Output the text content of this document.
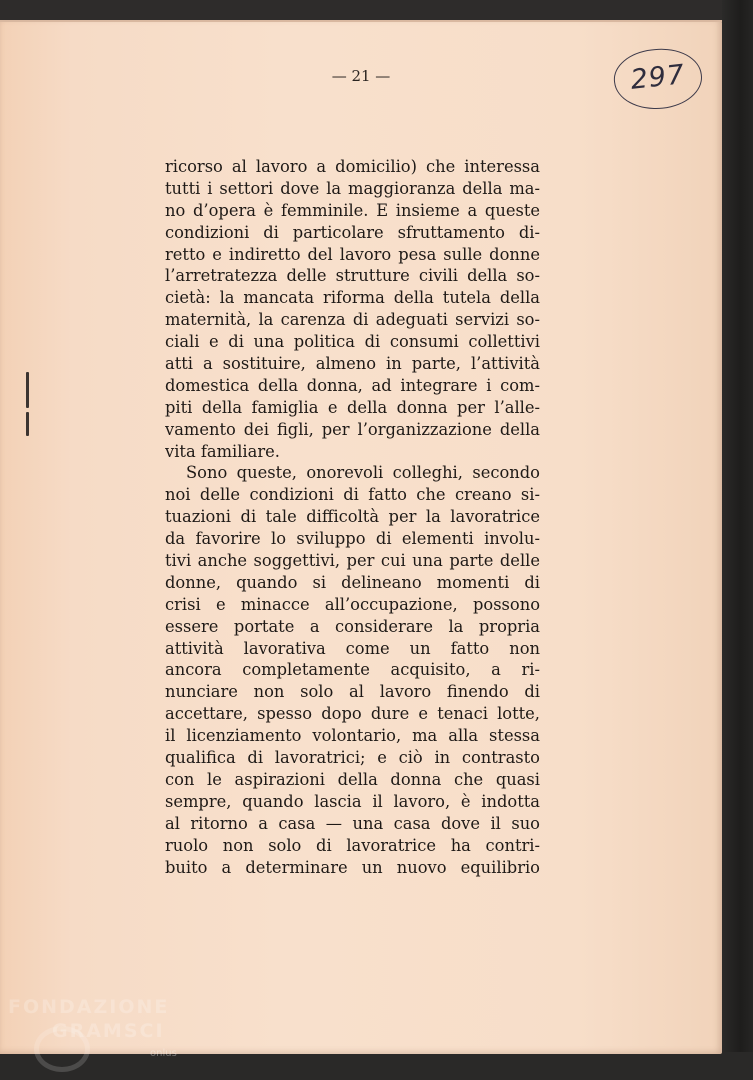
— 21 —	297
ricorso al lavoro a domicilio) che interessa
tutti i settori dove la maggioranza della ma-
no d’opera è femminile. E insieme a queste
condizioni di particolare sfruttamento di-
retto e indiretto del lavoro pesa sulle donne
l’arretratezza delle strutture civili della so-
cietà: la mancata riforma della tutela della
maternità, la carenza di adeguati servizi so-
ciali e di una politica di consumi collettivi
atti a sostituire, almeno in parte, l’attività
domestica della donna, ad integrare i com-
piti della famiglia e della donna per l’alle-
vamento dei figli, per l’organizzazione della
vita familiare.
Sono queste, onorevoli colleghi, secondo
noi delle condizioni di fatto che creano si-
tuazioni di tale difficoltà per la lavoratrice
da favorire lo sviluppo di elementi involu-
tivi anche soggettivi, per cui una parte delle
donne, quando si delineano momenti di
crisi e minacce all’occupazione, possono
essere portate a considerare la propria
attività lavorativa come un fatto non
ancora completamente acquisito, a ri-
nunciare non solo al lavoro finendo di
accettare, spesso dopo dure e tenaci lotte,
il licenziamento volontario, ma alla stessa
qualifica di lavoratrici; e ciò in contrasto
con le aspirazioni della donna che quasi
sempre, quando lascia il lavoro, è indotta
al ritorno a casa — una casa dove il suo
ruolo non solo di lavoratrice ha contri-
buito a determinare un nuovo equilibrio
FONDAZIONE
GRAMSCI
onlus
